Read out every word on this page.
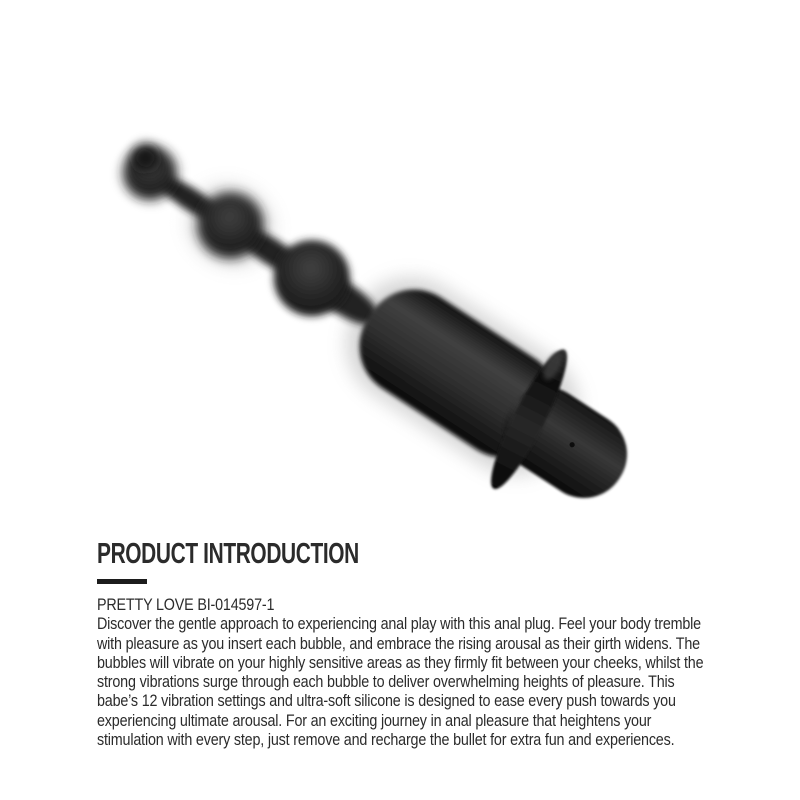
PRODUCT INTRODUCTION
PRETTY LOVE BI-014597-1
Discover the gentle approach to experiencing anal play with this anal plug. Feel your body tremble with pleasure as you insert each bubble, and embrace the rising arousal as their girth widens. The bubbles will vibrate on your highly sensitive areas as they firmly fit between your cheeks, whilst the strong vibrations surge through each bubble to deliver overwhelming heights of pleasure. This babe’s 12 vibration settings and ultra-soft silicone is designed to ease every push towards you experiencing ultimate arousal. For an exciting journey in anal pleasure that heightens your stimulation with every step, just remove and recharge the bullet for extra fun and experiences.
